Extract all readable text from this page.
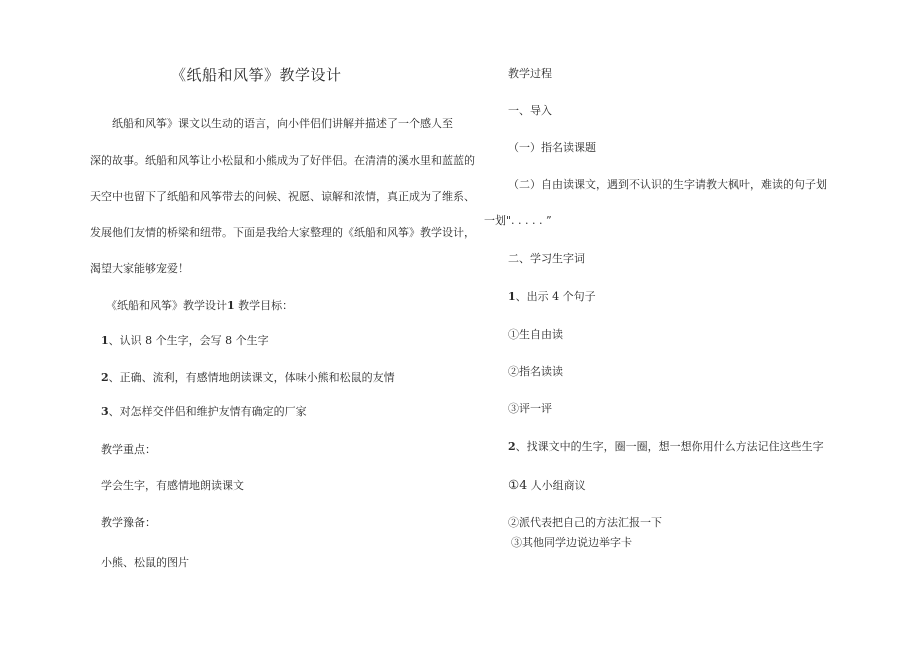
《纸船和风筝》教学设计
纸船和风筝》课文以生动的语言，向小伴侣们讲解并描述了一个感人至
深的故事。纸船和风筝让小松鼠和小熊成为了好伴侣。在清清的溪水里和蓝蓝的
天空中也留下了纸船和风筝带去的问候、祝愿、谅解和浓情，真正成为了维系、
发展他们友情的桥梁和纽带。下面是我给大家整理的《纸船和风筝》教学设计，
渴望大家能够宠爱！
《纸船和风筝》教学设计1 教学目标：
1、认识 8 个生字，会写 8 个生字
2、正确、流利，有感情地朗读课文，体味小熊和松鼠的友情
3、对怎样交伴侣和维护友情有确定的厂家
教学重点：
学会生字，有感情地朗读课文
教学豫备：
小熊、松鼠的图片
教学过程
一、导入
（一）指名读课题
（二）自由读课文，遇到不认识的生字请教大枫叶，难读的句子划
一划". . . . . ”
二、学习生字词
1、出示 4 个句子
①生自由读
②指名读读
③评一评
2、找课文中的生字，圈一圈，想一想你用什么方法记住这些生字
①4 人小组商议
②派代表把自己的方法汇报一下
③其他同学边说边举字卡
